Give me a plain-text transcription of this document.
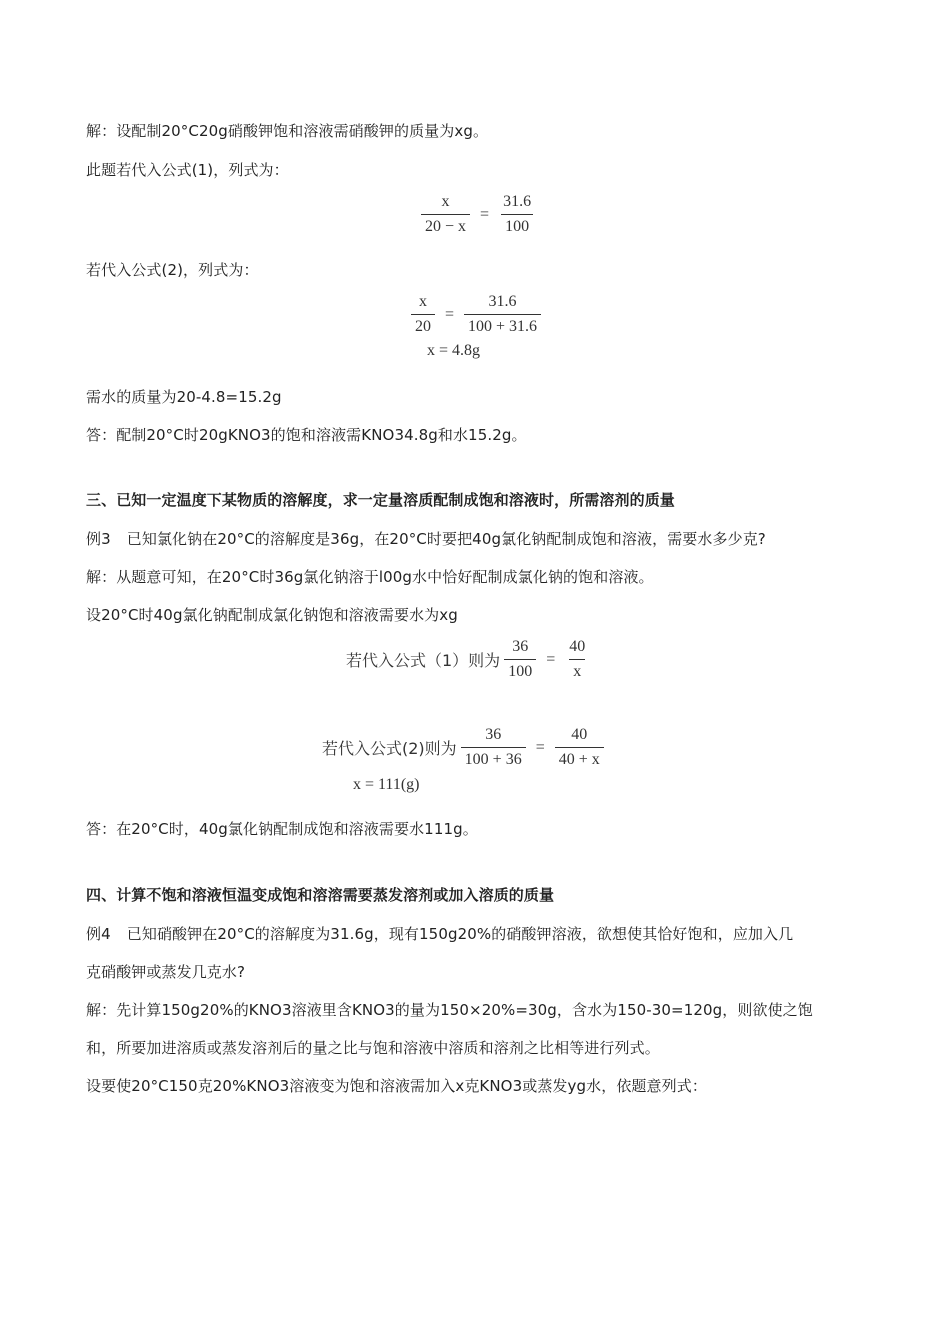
解：设配制20°C20g硝酸钾饱和溶液需硝酸钾的质量为xg。
此题若代入公式(1)，列式为：
$\frac{x}{20 - x} = \frac{31.6}{100}$
若代入公式(2)，列式为：
$\frac{x}{20} = \frac{31.6}{100 + 31.6}$
x = 4.8g
需水的质量为20-4.8=15.2g
答：配制20°C时20gKNO3的饱和溶液需KNO34.8g和水15.2g。
三、已知一定温度下某物质的溶解度，求一定量溶质配制成饱和溶液时，所需溶剂的质量
例3 已知氯化钠在20°C的溶解度是36g，在20°C时要把40g氯化钠配制成饱和溶液，需要水多少克?
解：从题意可知，在20°C时36g氯化钠溶于l00g水中恰好配制成氯化钠的饱和溶液。
设20°C时40g氯化钠配制成氯化钠饱和溶液需要水为xg
若代入公式（1）则为 $\frac{36}{100} = \frac{40}{x}$
若代入公式(2)则为 $\frac{36}{100 + 36} = \frac{40}{40 + x}$
x = 111(g)
答：在20°C时，40g氯化钠配制成饱和溶液需要水111g。
四、计算不饱和溶液恒温变成饱和溶溶需要蒸发溶剂或加入溶质的质量
例4 已知硝酸钾在20°C的溶解度为31.6g，现有150g20%的硝酸钾溶液，欲想使其恰好饱和，应加入几
克硝酸钾或蒸发几克水?
解：先计算150g20%的KNO3溶液里含KNO3的量为150×20%=30g，含水为150-30=120g，则欲使之饱
和，所要加进溶质或蒸发溶剂后的量之比与饱和溶液中溶质和溶剂之比相等进行列式。
设要使20°C150克20%KNO3溶液变为饱和溶液需加入x克KNO3或蒸发yg水，依题意列式：
